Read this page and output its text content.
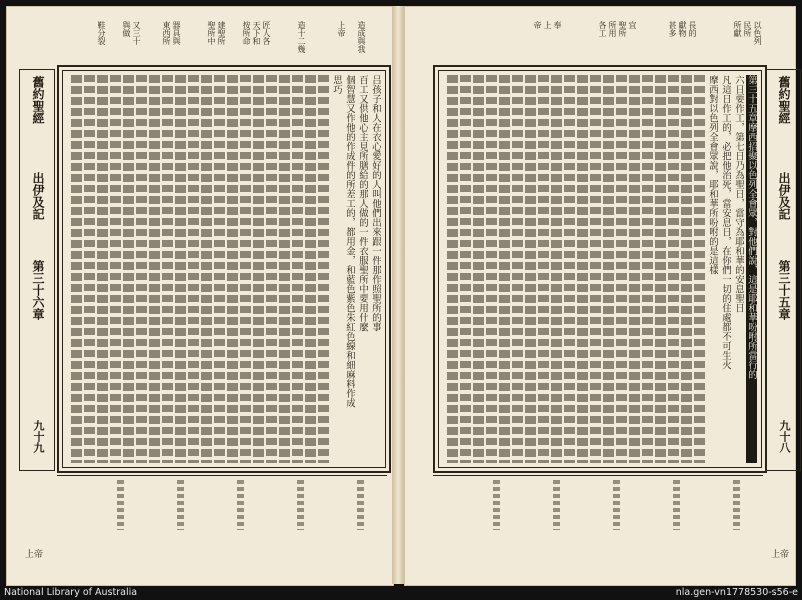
造成與我
上帝
造十二幾
匠人各
天下和
按所命
建聖所
聖所中
器具與
東西所
又三十
與做
鞋分裂
舊約聖經
出伊及記
第三十六章
九十九
吕孩子和人在衣心愛好的人叫他們出來跟一件那作照聖所的事
百工又供他心主見所膳給的那人做的一件衣服聖所中要用什麼
個智慧又作他的作成件的所差工的，都用金，和藍色紫色朱紅色線和細麻料作成
思巧
上帝
以色列
民所
所獻
長的
獻物
甚多
宜
聖所
所用
各工
奉
上
帝
第三十五章摩西招聚以色列全會眾，對他們說，這是耶和華吩咐所當行的
六日要作工，第七日乃為聖日，當守為耶和華的安息聖日
凡這日作工的，必把他治死，當安息日，在你們一切的住處都不可生火
摩西對以色列全會眾說，耶和華所吩咐的是這樣	舊約聖經
出伊及記
第三十五章
九十八
上帝
National Library of Australia	nla.gen-vn1778530-s56-e
